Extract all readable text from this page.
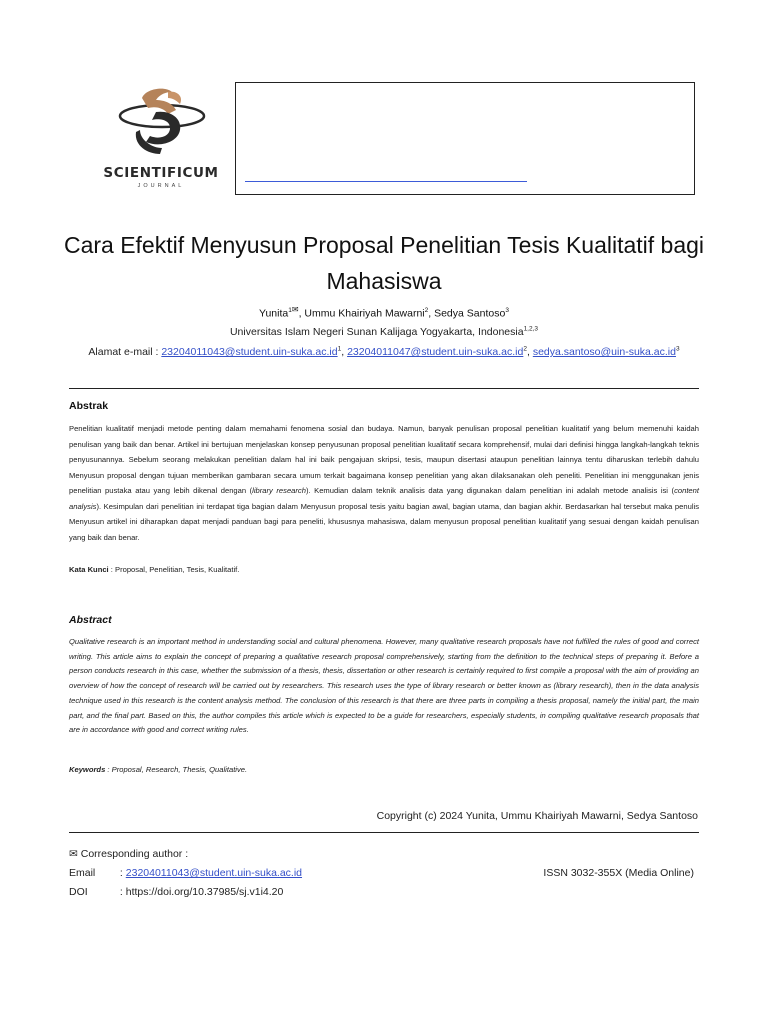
SCIENTIFICUM
JOURNAL
Cara Efektif Menyusun Proposal Penelitian Tesis Kualitatif bagi Mahasiswa
Yunita$^{1✉}$, Ummu Khairiyah Mawarni$^2$, Sedya Santoso$^3$
Universitas Islam Negeri Sunan Kalijaga Yogyakarta, Indonesia$^{1,2,3}$
Alamat e-mail : $23204011043@student.uin-suka.ac.id^1$, $23204011047@student.uin-suka.ac.id^2$, $sedya.santoso@uin-suka.ac.id^3$
Abstrak
Penelitian kualitatif menjadi metode penting dalam memahami fenomena sosial dan budaya. Namun, banyak penulisan proposal penelitian kualitatif yang belum memenuhi kaidah penulisan yang baik dan benar. Artikel ini bertujuan menjelaskan konsep penyusunan proposal penelitian kualitatif secara komprehensif, mulai dari definisi hingga langkah-langkah teknis penyusunannya. Sebelum seorang melakukan penelitian dalam hal ini baik pengajuan skripsi, tesis, maupun disertasi ataupun penelitian lainnya tentu diharuskan terlebih dahulu Menyusun proposal dengan tujuan memberikan gambaran secara umum terkait bagaimana konsep penelitian yang akan dilaksanakan oleh peneliti. Penelitian ini menggunakan jenis penelitian pustaka atau yang lebih dikenal dengan (library research). Kemudian dalam teknik analisis data yang digunakan dalam penelitian ini adalah metode analisis isi (content analysis). Kesimpulan dari penelitian ini terdapat tiga bagian dalam Menyusun proposal tesis yaitu bagian awal, bagian utama, dan bagian akhir. Berdasarkan hal tersebut maka penulis Menyusun artikel ini diharapkan dapat menjadi panduan bagi para peneliti, khususnya mahasiswa, dalam menyusun proposal penelitian kualitatif yang sesuai dengan kaidah penulisan yang baik dan benar.
Kata Kunci : Proposal, Penelitian, Tesis, Kualitatif.
Abstract
Qualitative research is an important method in understanding social and cultural phenomena. However, many qualitative research proposals have not fulfilled the rules of good and correct writing. This article aims to explain the concept of preparing a qualitative research proposal comprehensively, starting from the definition to the technical steps of preparing it. Before a person conducts research in this case, whether the submission of a thesis, thesis, dissertation or other research is certainly required to first compile a proposal with the aim of providing an overview of how the concept of research will be carried out by researchers. This research uses the type of library research or better known as (library research), then in the data analysis technique used in this research is the content analysis method. The conclusion of this research is that there are three parts in compiling a thesis proposal, namely the initial part, the main part, and the final part. Based on this, the author compiles this article which is expected to be a guide for researchers, especially students, in compiling qualitative research proposals that are in accordance with good and correct writing rules.
Keywords : Proposal, Research, Thesis, Qualitative.
Copyright (c) 2024 Yunita, Ummu Khairiyah Mawarni, Sedya Santoso
✉ Corresponding author :
Email : 23204011043@student.uin-suka.ac.id
DOI	: https://doi.org/10.37985/sj.v1i4.20
ISSN 3032-355X (Media Online)
